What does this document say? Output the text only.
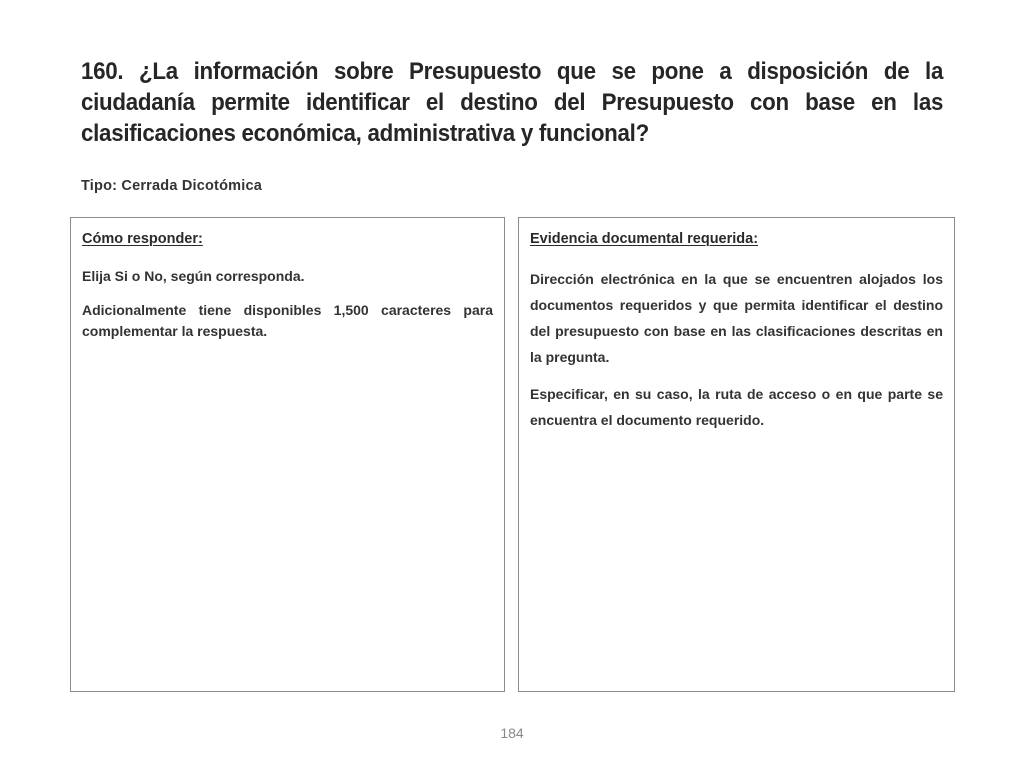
160. ¿La información sobre Presupuesto que se pone a disposición de la ciudadanía permite identificar el destino del Presupuesto con base en las clasificaciones económica, administrativa y funcional?
Tipo: Cerrada Dicotómica
Cómo responder:

Elija Si o No, según corresponda.

Adicionalmente tiene disponibles 1,500 caracteres para complementar la respuesta.

Evidencia documental requerida:

Dirección electrónica en la que se encuentren alojados los documentos requeridos y que permita identificar el destino del presupuesto con base en las clasificaciones descritas en la pregunta.

Especificar, en su caso, la ruta de acceso o en que parte se encuentra el documento requerido.

184
